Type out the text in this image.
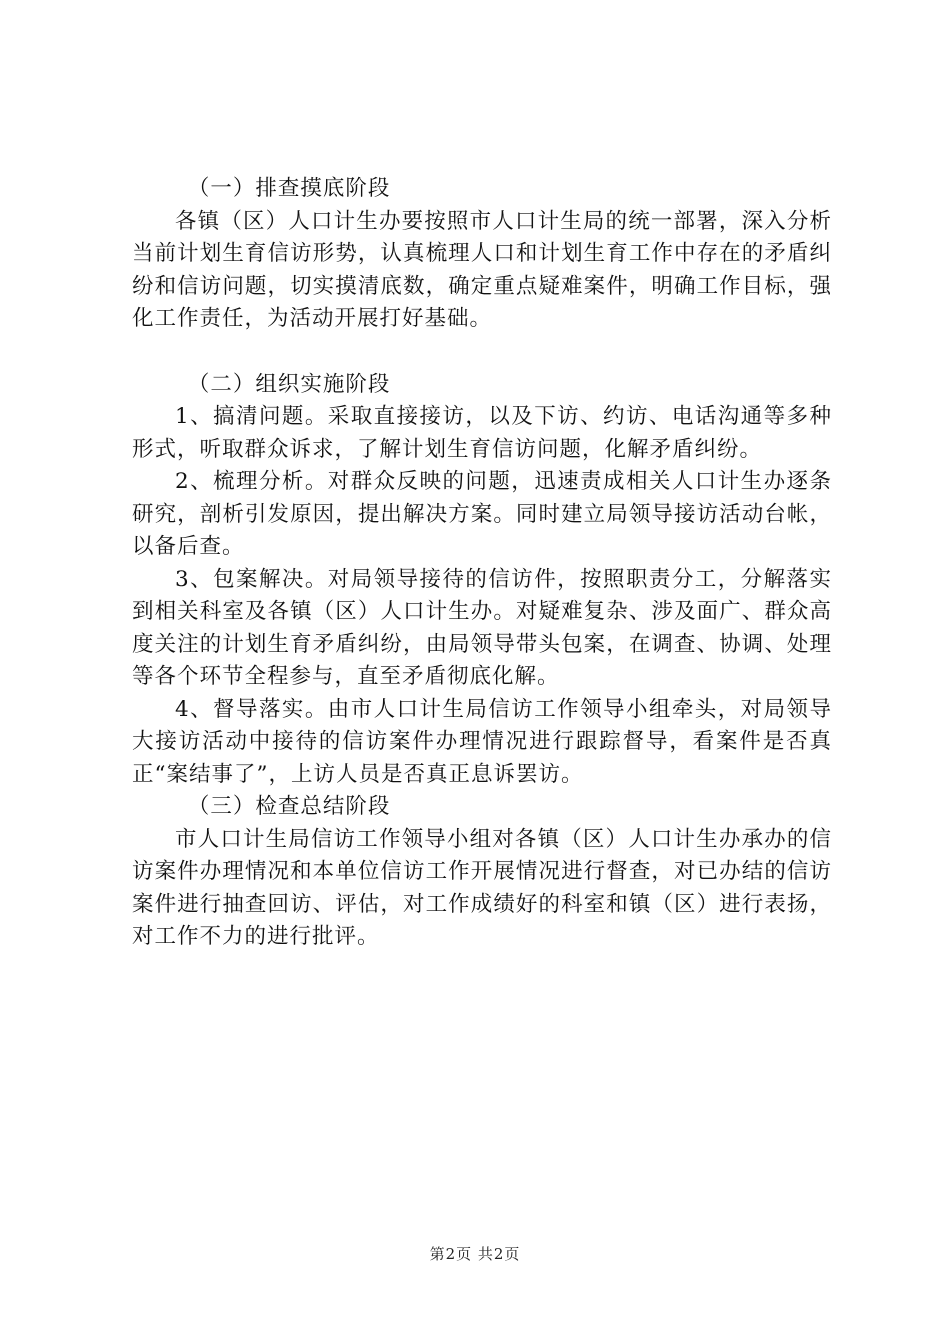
（一）排查摸底阶段

各镇（区）人口计生办要按照市人口计生局的统一部署，深入分析当前计划生育信访形势，认真梳理人口和计划生育工作中存在的矛盾纠纷和信访问题，切实摸清底数，确定重点疑难案件，明确工作目标，强化工作责任，为活动开展打好基础。

（二）组织实施阶段

1、搞清问题。采取直接接访，以及下访、约访、电话沟通等多种形式，听取群众诉求，了解计划生育信访问题，化解矛盾纠纷。

2、梳理分析。对群众反映的问题，迅速责成相关人口计生办逐条研究，剖析引发原因，提出解决方案。同时建立局领导接访活动台帐，以备后查。

3、包案解决。对局领导接待的信访件，按照职责分工，分解落实到相关科室及各镇（区）人口计生办。对疑难复杂、涉及面广、群众高度关注的计划生育矛盾纠纷，由局领导带头包案，在调查、协调、处理等各个环节全程参与，直至矛盾彻底化解。

4、督导落实。由市人口计生局信访工作领导小组牵头，对局领导大接访活动中接待的信访案件办理情况进行跟踪督导，看案件是否真正“案结事了”，上访人员是否真正息诉罢访。

（三）检查总结阶段

市人口计生局信访工作领导小组对各镇（区）人口计生办承办的信访案件办理情况和本单位信访工作开展情况进行督查，对已办结的信访案件进行抽查回访、评估，对工作成绩好的科室和镇（区）进行表扬，对工作不力的进行批评。

第2页 共2页
